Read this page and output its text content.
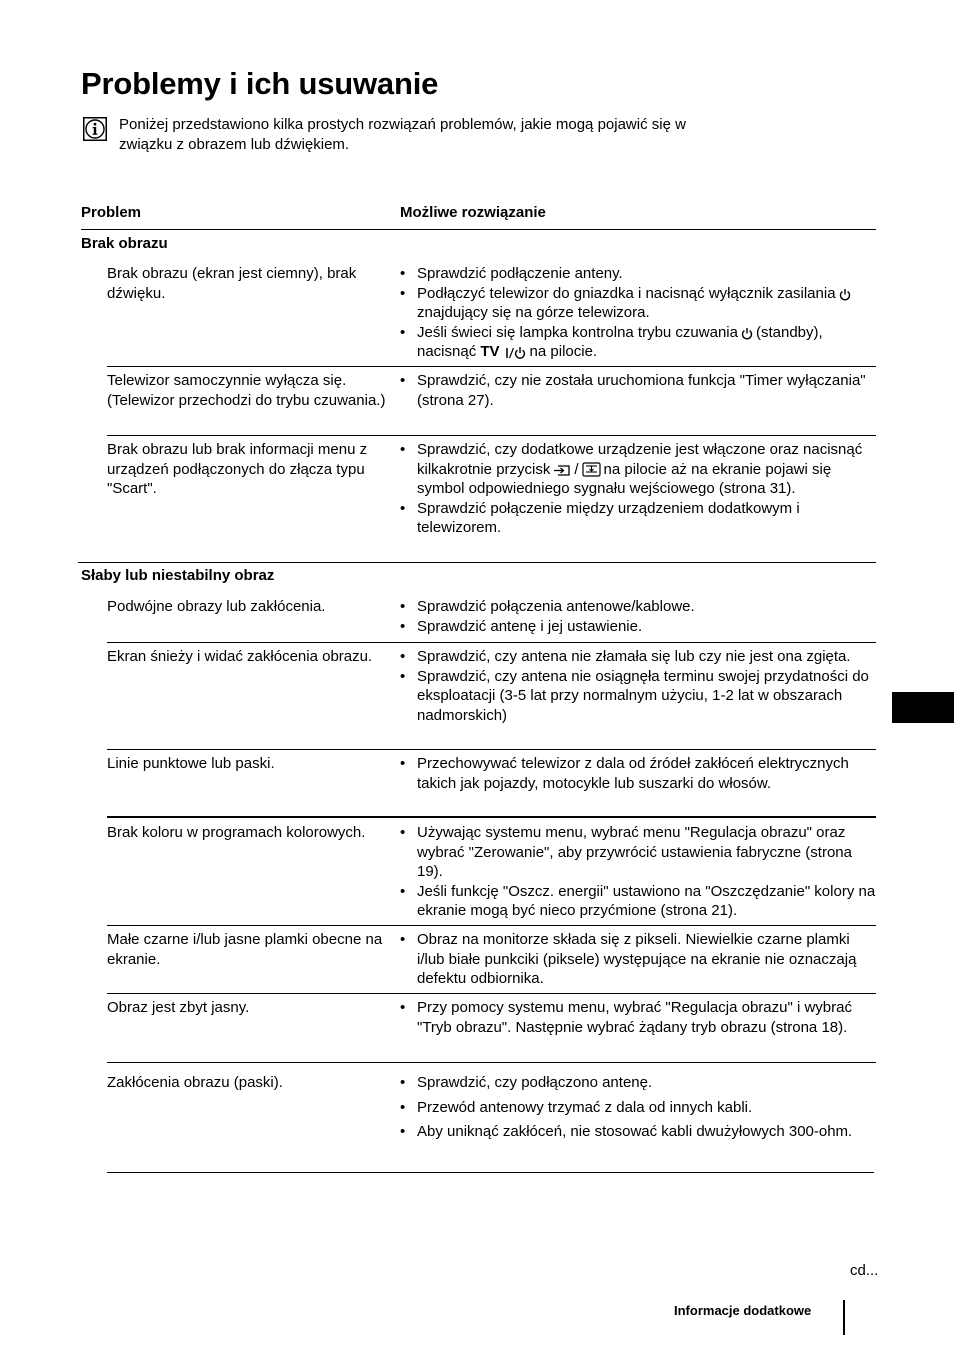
Problemy i ich usuwanie
Poniżej przedstawiono kilka prostych rozwiązań problemów, jakie mogą pojawić się w związku z obrazem lub dźwiękiem.
Problem	Możliwe rozwiązanie
Brak obrazu
Brak obrazu (ekran jest ciemny), brak dźwięku.
• Sprawdzić podłączenie anteny.
• Podłączyć telewizor do gniazdka i nacisnąć wyłącznik zasilania
znajdujący się na górze telewizora.
• Jeśli świeci się lampka kontrolna trybu czuwania (standby), nacisnąć TV na pilocie.
Telewizor samoczynnie wyłącza się. (Telewizor przechodzi do trybu czuwania.)
• Sprawdzić, czy nie została uruchomiona funkcja "Timer wyłączania" (strona 27).
Brak obrazu lub brak informacji menu z urządzeń podłączonych do złącza typu "Scart".
• Sprawdzić, czy dodatkowe urządzenie jest włączone oraz nacisnąć kilkakrotnie przycisk / na pilocie aż na ekranie pojawi się symbol odpowiedniego sygnału wejściowego (strona 31).
• Sprawdzić połączenie między urządzeniem dodatkowym i telewizorem.
Słaby lub niestabilny obraz
Podwójne obrazy lub zakłócenia.	• Sprawdzić połączenia antenowe/kablowe.
• Sprawdzić antenę i jej ustawienie.
Ekran śnieży i widać zakłócenia obrazu.	• Sprawdzić, czy antena nie złamała się lub czy nie jest ona zgięta.
• Sprawdzić, czy antena nie osiągnęła terminu swojej przydatności do eksploatacji (3-5 lat przy normalnym użyciu, 1-2 lat w obszarach nadmorskich)
Linie punktowe lub paski.	• Przechowywać telewizor z dala od źródeł zakłóceń elektrycznych takich jak pojazdy, motocykle lub suszarki do włosów.
Brak koloru w programach kolorowych.	• Używając systemu menu, wybrać menu "Regulacja obrazu" oraz wybrać "Zerowanie", aby przywrócić ustawienia fabryczne (strona 19).
• Jeśli funkcję "Oszcz. energii" ustawiono na "Oszczędzanie" kolory na ekranie mogą być nieco przyćmione (strona 21).
Małe czarne i/lub jasne plamki obecne na ekranie.
• Obraz na monitorze składa się z pikseli. Niewielkie czarne plamki i/lub białe punkciki (piksele) występujące na ekranie nie oznaczają defektu odbiornika.
Obraz jest zbyt jasny.	• Przy pomocy systemu menu, wybrać "Regulacja obrazu" i wybrać "Tryb obrazu". Następnie wybrać żądany tryb obrazu (strona 18).
Zakłócenia obrazu (paski).	• Sprawdzić, czy podłączono antenę.
• Przewód antenowy trzymać z dala od innych kabli.
• Aby uniknąć zakłóceń, nie stosować kabli dwużyłowych 300-ohm.
cd...
Informacje dodatkowe
